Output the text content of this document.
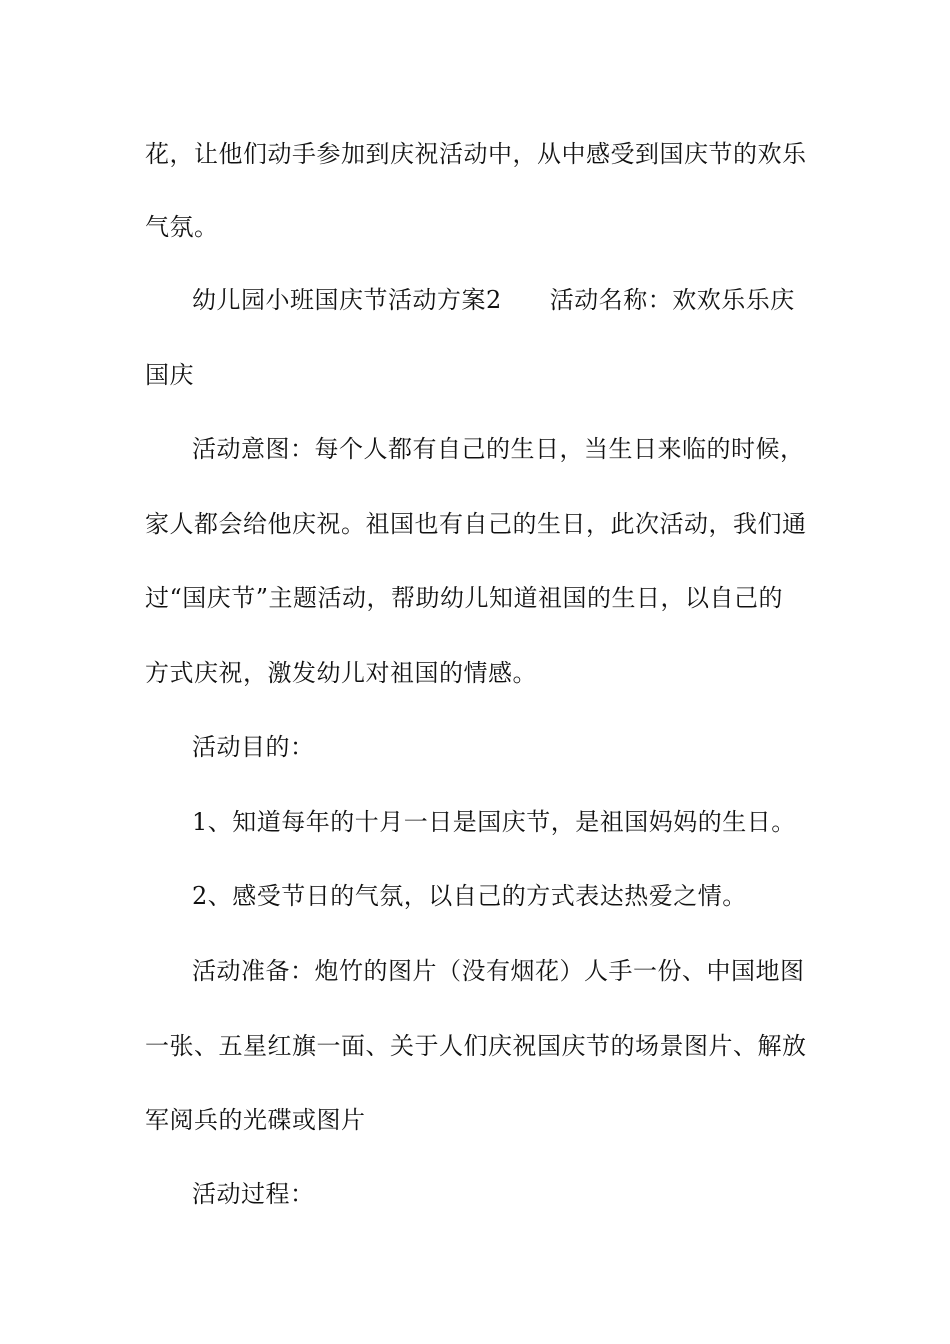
花，让他们动手参加到庆祝活动中，从中感受到国庆节的欢乐
气氛。
幼儿园小班国庆节活动方案2 活动名称：欢欢乐乐庆
国庆
活动意图：每个人都有自己的生日，当生日来临的时候，
家人都会给他庆祝。祖国也有自己的生日，此次活动，我们通
过“国庆节”主题活动，帮助幼儿知道祖国的生日，以自己的
方式庆祝，激发幼儿对祖国的情感。
活动目的：
1、知道每年的十月一日是国庆节，是祖国妈妈的生日。
2、感受节日的气氛，以自己的方式表达热爱之情。
活动准备：炮竹的图片（没有烟花）人手一份、中国地图
一张、五星红旗一面、关于人们庆祝国庆节的场景图片、解放
军阅兵的光碟或图片
活动过程：
